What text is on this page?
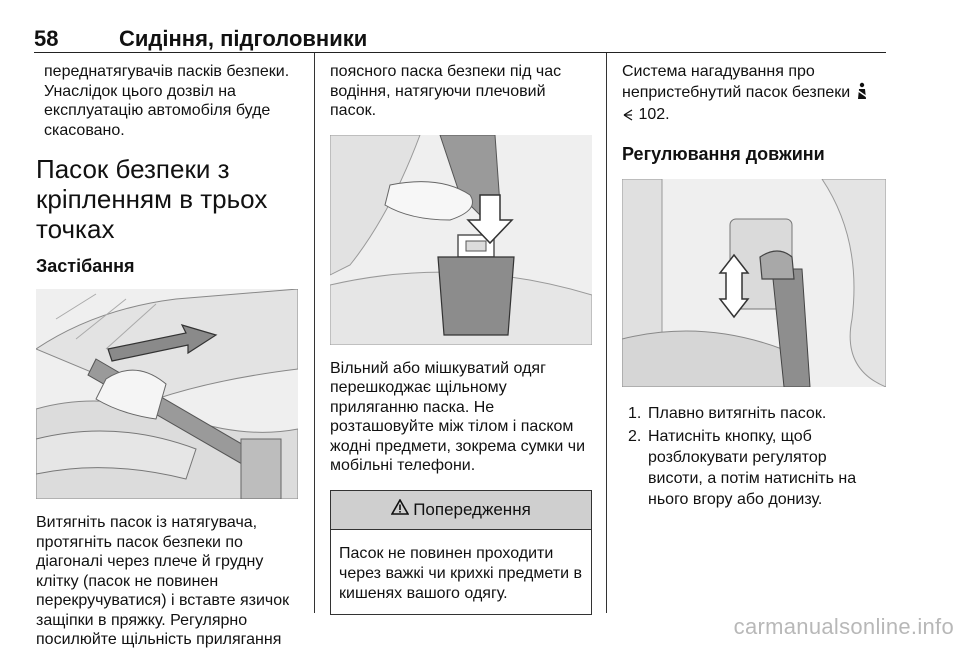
58	Сидіння, підголовники

переднатягувачів пасків безпеки.
Унаслідок цього дозвіл на
експлуатацію автомобіля буде
скасовано.

Пасок безпеки з
кріпленням в трьох точках
Застібання

Витягніть пасок із натягувача,
протягніть пасок безпеки по
діагоналі через плече й грудну
клітку (пасок не повинен
перекручуватися) і вставте язичок
защіпки в пряжку. Регулярно
посилюйте щільність прилягання

поясного паска безпеки під час
водіння, натягуючи плечовий
пасок.

Вільний або мішкуватий одяг
перешкоджає щільному
приляганню паска. Не
розташовуйте між тілом і паском
жодні предмети, зокрема сумки чи
мобільні телефони.

Попередження
Пасок не повинен проходити
через важкі чи крихкі предмети в
кишенях вашого одягу.

Система нагадування про
непристебнутий пасок безпеки
102.

Регулювання довжини
1. Плавно витягніть пасок.
2. Натисніть кнопку, щоб
розблокувати регулятор
висоти, а потім натисніть на
нього вгору або донизу.
carmanualsonline.info
